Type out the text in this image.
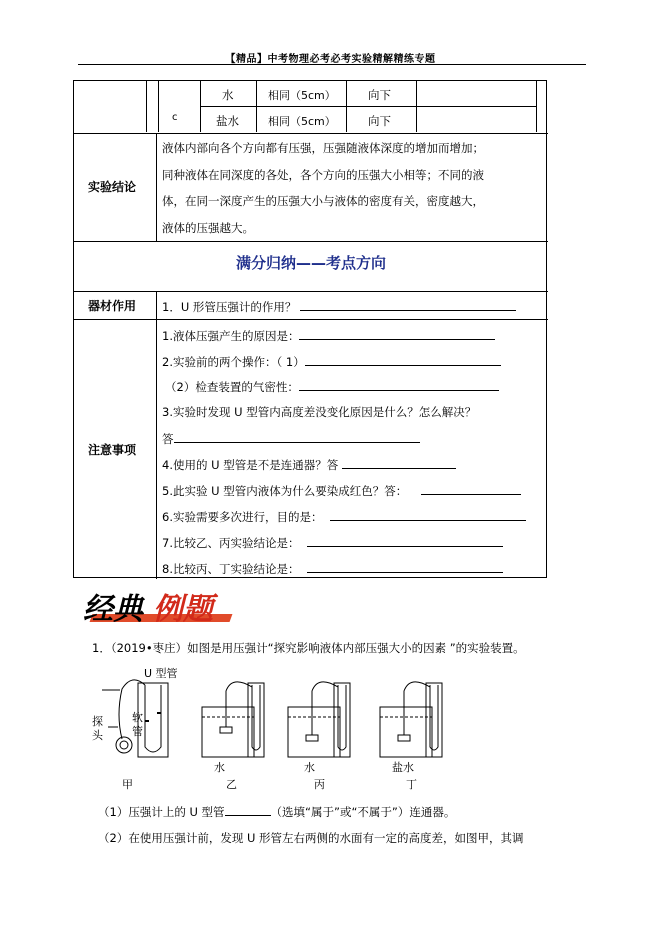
【精品】中考物理必考必考实验精解精练专题
c
水	相同（5cm）	向下
盐水	相同（5cm）	向下
实验结论
液体内部向各个方向都有压强，压强随液体深度的增加而增加；
同种液体在同深度的各处，各个方向的压强大小相等；不同的液
体，在同一深度产生的压强大小与液体的密度有关，密度越大，
液体的压强越大。
满分归纳——考点方向
器材作用 1．U 形管压强计的作用？
注意事项
1.液体压强产生的原因是：
2.实验前的两个操作：（ 1）
（2）检查装置的气密性：
3.实验时发现 U 型管内高度差没变化原因是什么？怎么解决？
答
4.使用的 U 型管是不是连通器？答
5.此实验 U 型管内液体为什么要染成红色？答：
6.实验需要多次进行，目的是：
7.比较乙、丙实验结论是：
8.比较丙、丁实验结论是：
经典 例题
1．（2019•枣庄）如图是用压强计“探究影响液体内部压强大小的因素 ”的实验装置。
U 型管
探
头
软
管
甲
水
乙
水
丙
盐水
丁
（1）压强计上的 U 型管	（选填“属于”或“不属于”）连通器。
（2）在使用压强计前，发现 U 形管左右两侧的水面有一定的高度差，如图甲，其调
